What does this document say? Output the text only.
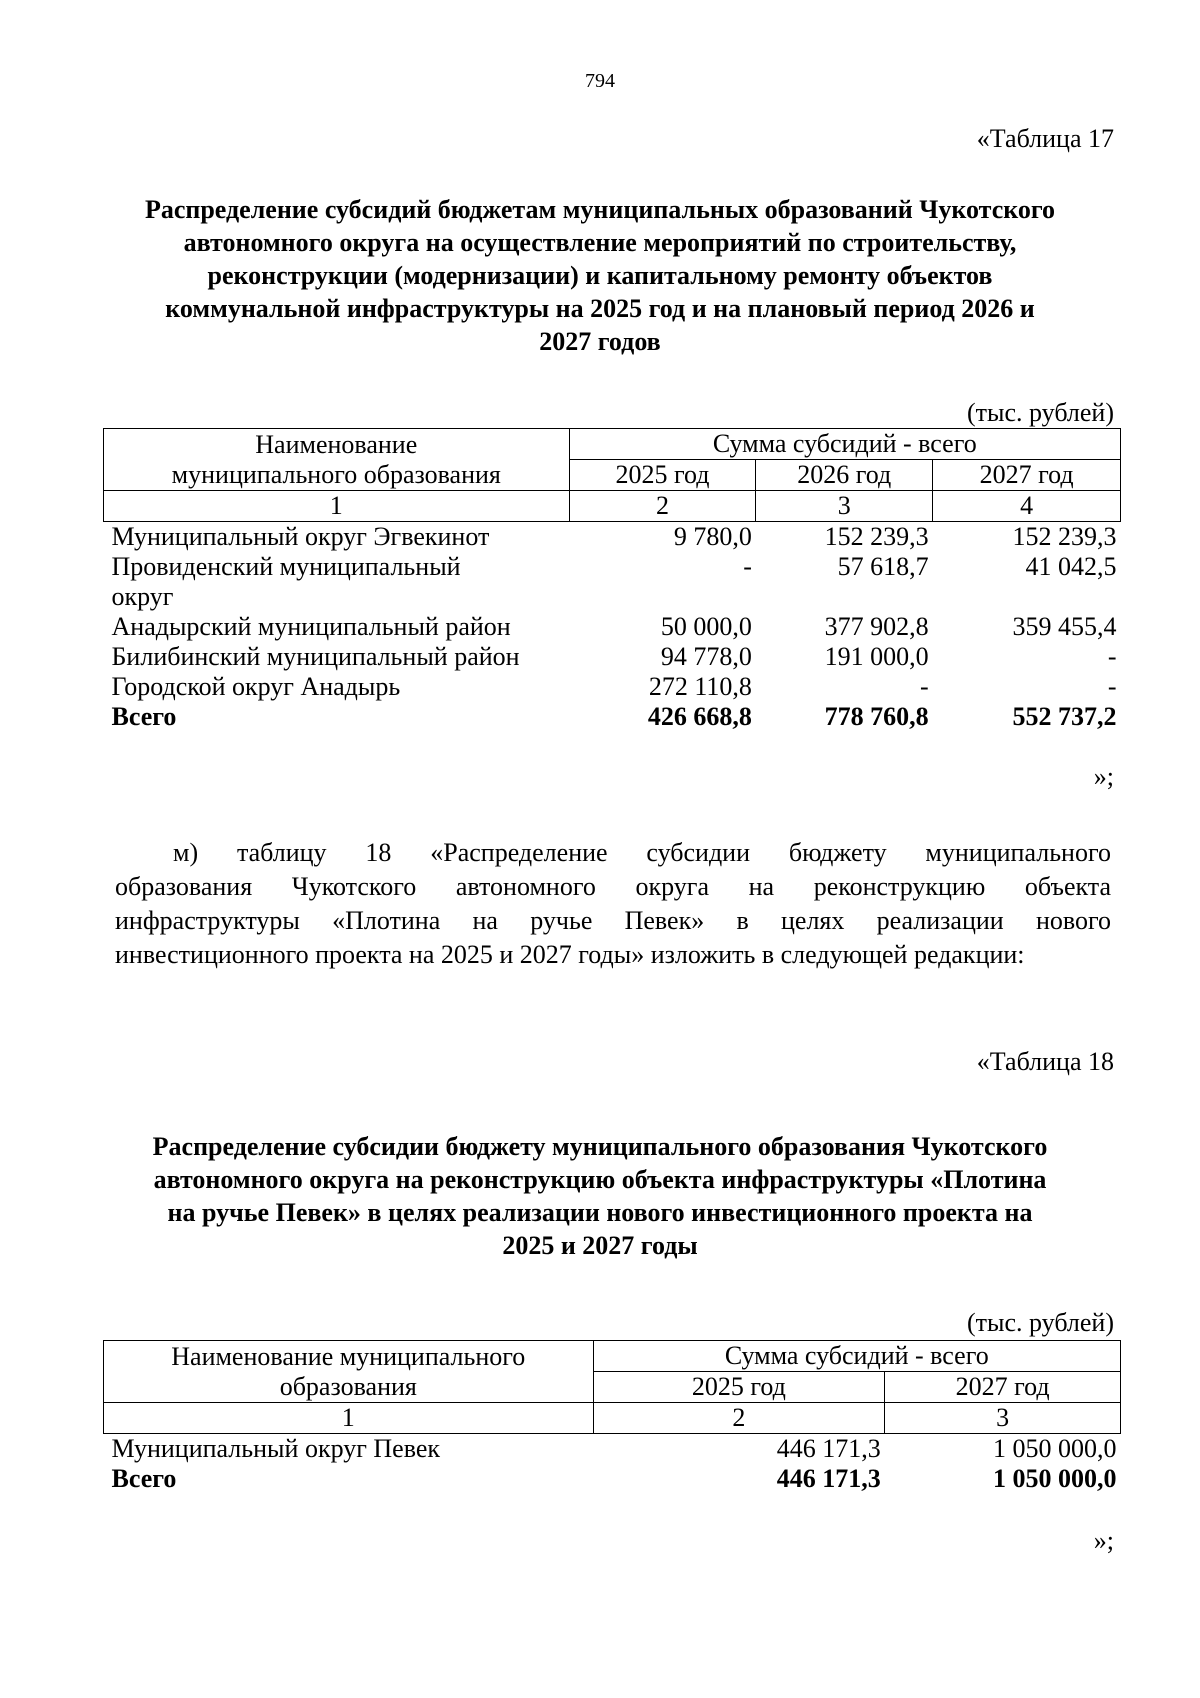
794
«Таблица 17
Распределение субсидий бюджетам муниципальных образований Чукотского
автономного округа на осуществление мероприятий по строительству,
реконструкции (модернизации) и капитальному ремонту объектов
коммунальной инфраструктуры на 2025 год и на плановый период 2026 и
2027 годов
(тыс. рублей)
Наименование
муниципального образования	Сумма субсидий - всего		
	2025 год	2026 год	2027 год
1	2	3	4
Муниципальный округ Эгвекинот	9 780,0	152 239,3	152 239,3

Провиденский муниципальный
округ	-	57 618,7	41 042,5
Анадырский муниципальный район	50 000,0	377 902,8	359 455,4
Билибинский муниципальный район	94 778,0	191 000,0	-
Городской округ Анадырь	272 110,8	-	-
Всего	426 668,8	778 760,8	552 737,2
»;
м) таблицу 18 «Распределение субсидии бюджету муниципального
образования Чукотского автономного округа на реконструкцию объекта
инфраструктуры «Плотина на ручье Певек» в целях реализации нового
инвестиционного проекта на 2025 и 2027 годы» изложить в следующей редакции:
«Таблица 18
Распределение субсидии бюджету муниципального образования Чукотского
автономного округа на реконструкцию объекта инфраструктуры «Плотина
на ручье Певек» в целях реализации нового инвестиционного проекта на
2025 и 2027 годы
(тыс. рублей)
Наименование муниципального
образования	Сумма субсидий - всего	
	2025 год	2027 год
1	2	3
Муниципальный округ Певек	446 171,3	1 050 000,0
Всего	446 171,3	1 050 000,0
»;
